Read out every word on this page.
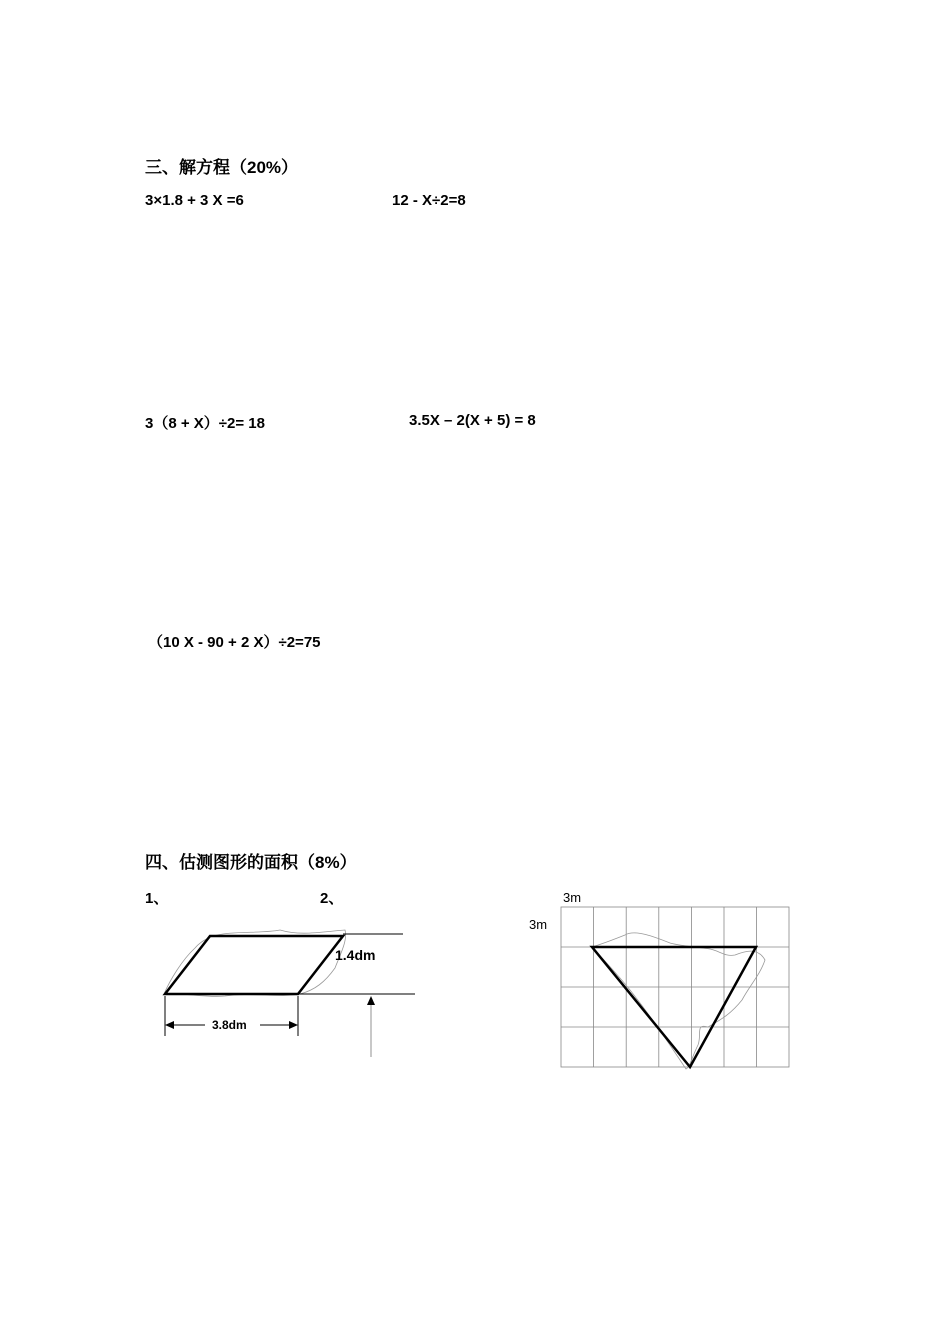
三、解方程（20%）
3×1.8 + 3 X =6	12 - X÷2=8
3（8 + X）÷2= 18	3.5X – 2(X + 5) = 8
（10 X - 90 + 2 X）÷2=75
四、估测图形的面积（8%）
1、	2、
1.4dm
3.8dm
3m
3m
